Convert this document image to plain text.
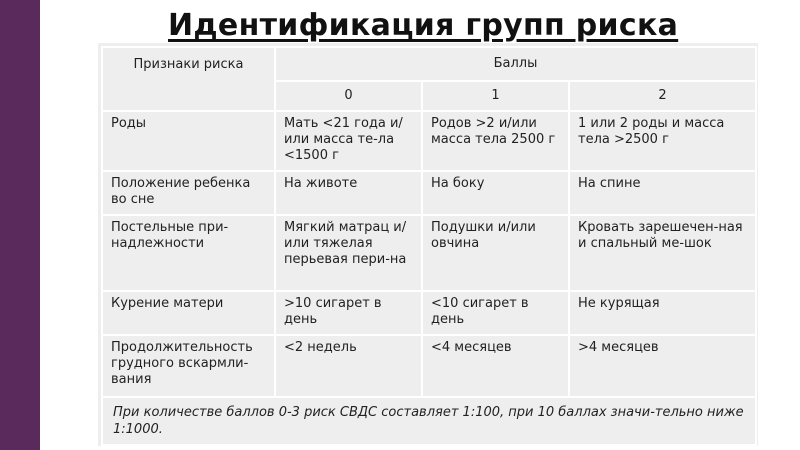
Идентификация групп риска
Признаки риска	Баллы		
	0	1	2
Роды	Мать <21 года и/или масса те-ла <1500 г	Родов >2 и/или масса тела 2500 г	1 или 2 роды и масса тела >2500 г
Положение ребенка во сне	На животе	На боку	На спине
Постельные при-надлежности	Мягкий матрац и/или тяжелая перьевая пери-на	Подушки и/или овчина	Кровать зарешечен-ная и спальный ме-шок
Курение матери	>10 сигарет в день	<10 сигарет в день	Не курящая
Продолжительность грудного вскармли-вания	<2 недель	<4 месяцев	>4 месяцев
При количестве баллов 0-3 риск СВДС составляет 1:100, при 10 баллах значи-тельно ниже 1:1000.			
